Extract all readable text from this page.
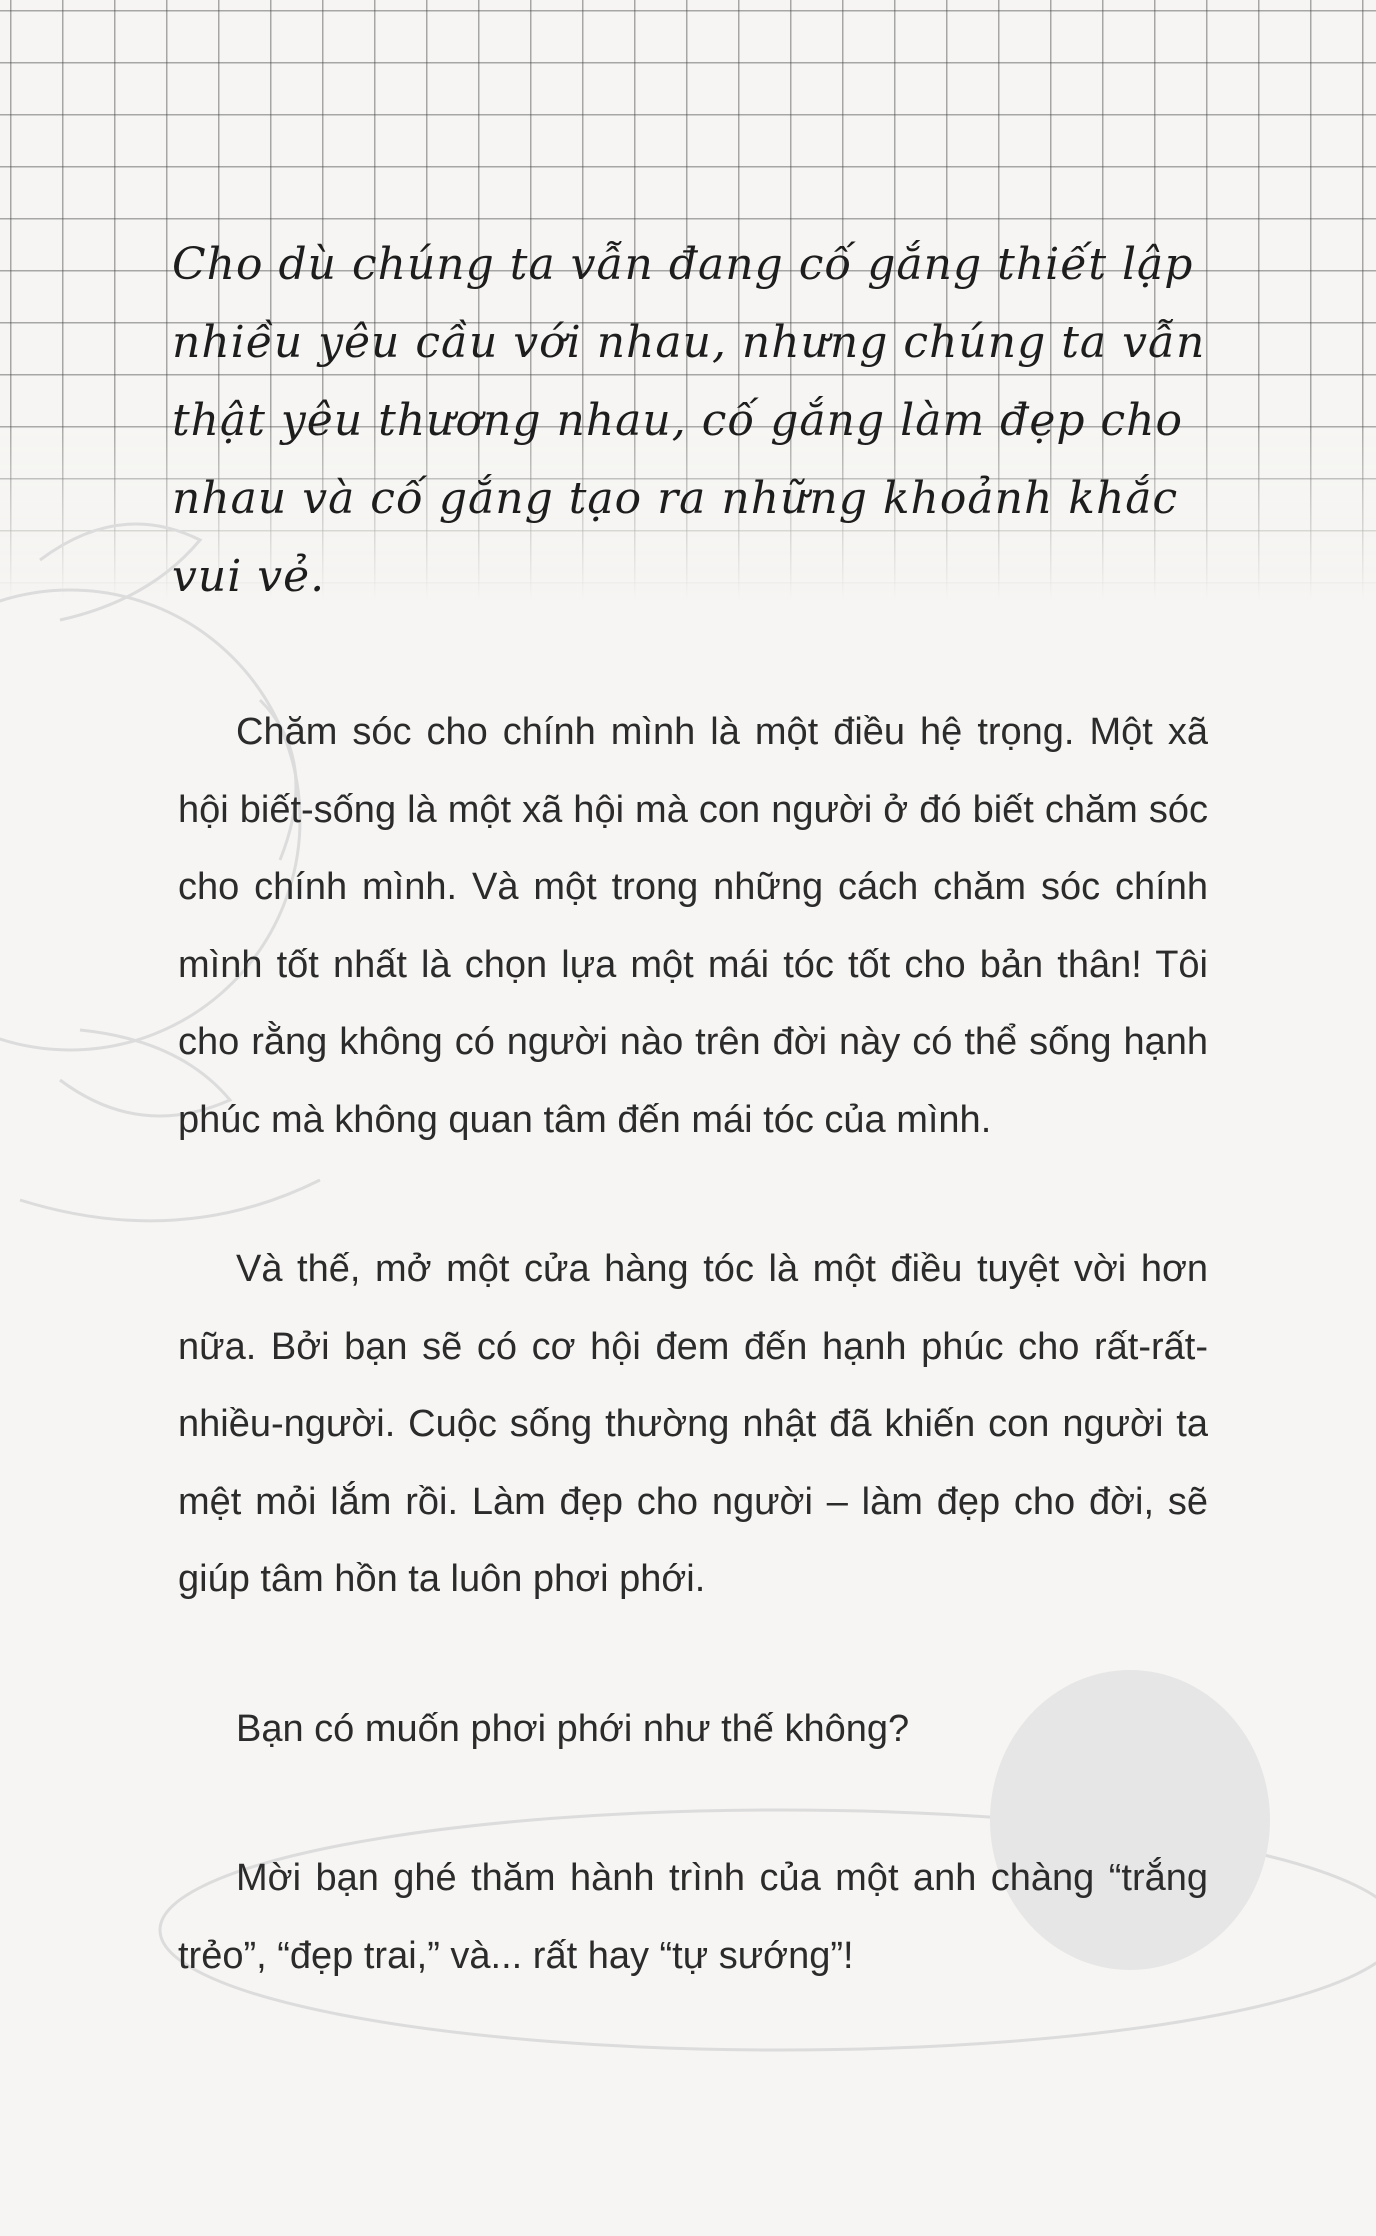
Cho dù chúng ta vẫn đang cố gắng thiết lập nhiều yêu cầu với nhau, nhưng chúng ta vẫn thật yêu thương nhau, cố gắng làm đẹp cho nhau và cố gắng tạo ra những khoảnh khắc vui vẻ.

Chăm sóc cho chính mình là một điều hệ trọng. Một xã hội biết-sống là một xã hội mà con người ở đó biết chăm sóc cho chính mình. Và một trong những cách chăm sóc chính mình tốt nhất là chọn lựa một mái tóc tốt cho bản thân! Tôi cho rằng không có người nào trên đời này có thể sống hạnh phúc mà không quan tâm đến mái tóc của mình.

Và thế, mở một cửa hàng tóc là một điều tuyệt vời hơn nữa. Bởi bạn sẽ có cơ hội đem đến hạnh phúc cho rất-rất-nhiều-người. Cuộc sống thường nhật đã khiến con người ta mệt mỏi lắm rồi. Làm đẹp cho người – làm đẹp cho đời, sẽ giúp tâm hồn ta luôn phơi phới.

Bạn có muốn phơi phới như thế không?

Mời bạn ghé thăm hành trình của một anh chàng “trắng trẻo”, “đẹp trai,” và... rất hay “tự sướng”!
